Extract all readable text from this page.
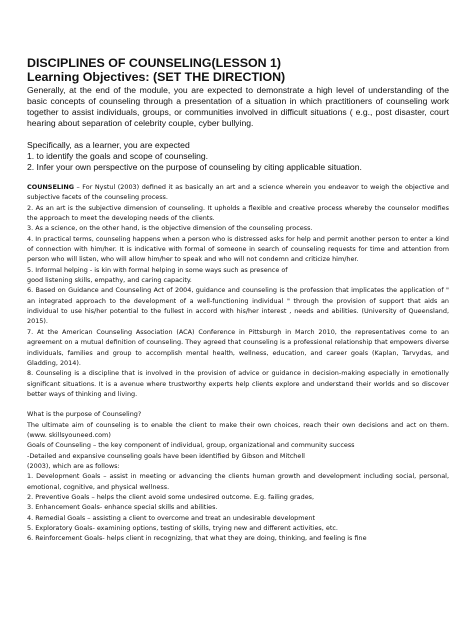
DISCIPLINES OF COUNSELING(LESSON 1)
Learning Objectives: (SET THE DIRECTION)

Generally, at the end of the module, you are expected to demonstrate a high level of understanding of the basic concepts of counseling through a presentation of a situation in which practitioners of counseling work together to assist individuals, groups, or communities involved in difficult situations ( e.g., post disaster, court hearing about separation of celebrity couple, cyber bullying.

Specifically, as a learner, you are expected

1. to identify the goals and scope of counseling.

2. Infer your own perspective on the purpose of counseling by citing applicable situation.

COUNSELING – For Nystul (2003) defined it as basically an art and a science wherein you endeavor to weigh the objective and subjective facets of the counseling process.

2. As an art is the subjective dimension of counseling. It upholds a flexible and creative process whereby the counselor modifies the approach to meet the developing needs of the clients.

3. As a science, on the other hand, is the objective dimension of the counseling process.

4. In practical terms, counseling happens when a person who is distressed asks for help and permit another person to enter a kind of connection with him/her. It is indicative with formal of someone in search of counseling requests for time and attention from person who will listen, who will allow him/her to speak and who will not condemn and criticize him/her.

5. Informal helping - is kin with formal helping in some ways such as presence of

good listening skills, empathy, and caring capacity.

6. Based on Guidance and Counseling Act of 2004, guidance and counseling is the profession that implicates the application of " an integrated approach to the development of a well-functioning individual " through the provision of support that aids an individual to use his/her potential to the fullest in accord with his/her interest , needs and abilities. (University of Queensland, 2015).

7. At the American Counseling Association (ACA) Conference in Pittsburgh in March 2010, the representatives come to an agreement on a mutual definition of counseling. They agreed that counseling is a professional relationship that empowers diverse individuals, families and group to accomplish mental health, wellness, education, and career goals (Kaplan, Tarvydas, and Gladding, 2014).

8. Counseling is a discipline that is involved in the provision of advice or guidance in decision-making especially in emotionally significant situations. It is a avenue where trustworthy experts help clients explore and understand their worlds and so discover better ways of thinking and living.

What is the purpose of Counseling?

The ultimate aim of counseling is to enable the client to make their own choices, reach their own decisions and act on them. (www. skillsyouneed.com)

Goals of Counseling – the key component of individual, group, organizational and community success

-Detailed and expansive counseling goals have been identified by Gibson and Mitchell

(2003), which are as follows:

1. Development Goals – assist in meeting or advancing the clients human growth and development including social, personal, emotional, cognitive, and physical wellness.

2. Preventive Goals – helps the client avoid some undesired outcome. E.g. failing grades,

3. Enhancement Goals- enhance special skills and abilities.

4. Remedial Goals – assisting a client to overcome and treat an undesirable development

5. Exploratory Goals- examining options, testing of skills, trying new and different activities, etc.

6. Reinforcement Goals- helps client in recognizing, that what they are doing, thinking, and feeling is fine
